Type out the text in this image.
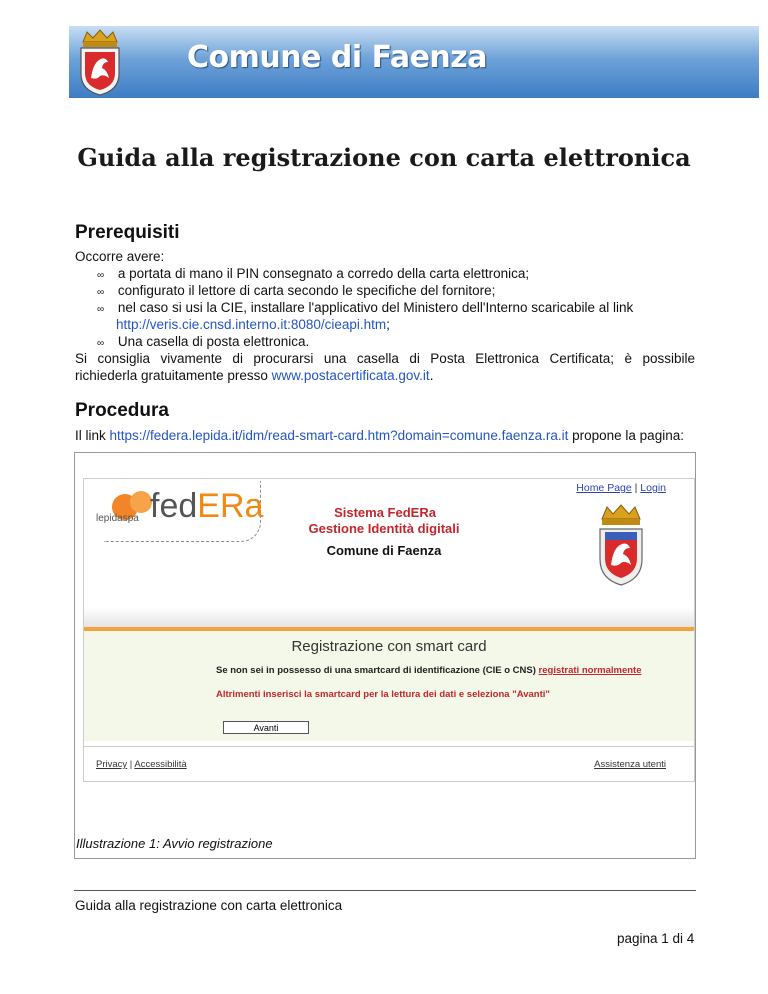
Comune di Faenza
Guida alla registrazione con carta elettronica
Prerequisiti
Occorre avere:
∞ a portata di mano il PIN consegnato a corredo della carta elettronica;
∞ configurato il lettore di carta secondo le specifiche del fornitore;
∞ nel caso si usi la CIE, installare l'applicativo del Ministero dell'Interno scaricabile al link
http://veris.cie.cnsd.interno.it:8080/cieapi.htm;
∞ Una casella di posta elettronica.
Si consiglia vivamente di procurarsi una casella di Posta Elettronica Certificata; è possibile
richiederla gratuitamente presso www.postacertificata.gov.it.
Procedura
Il link https://federa.lepida.it/idm/read-smart-card.htm?domain=comune.faenza.ra.it propone la pagina:
fedERa
lepidaspa	Sistema FedERa
Gestione Identità digitali
Comune di Faenza
Home Page | Login
Registrazione con smart card
Se non sei in possesso di una smartcard di identificazione (CIE o CNS) registrati normalmente
Altrimenti inserisci la smartcard per la lettura dei dati e seleziona "Avanti"
Avanti
Privacy | Accessibilità	Assistenza utenti
Illustrazione 1: Avvio registrazione
Guida alla registrazione con carta elettronica
pagina 1 di 4
